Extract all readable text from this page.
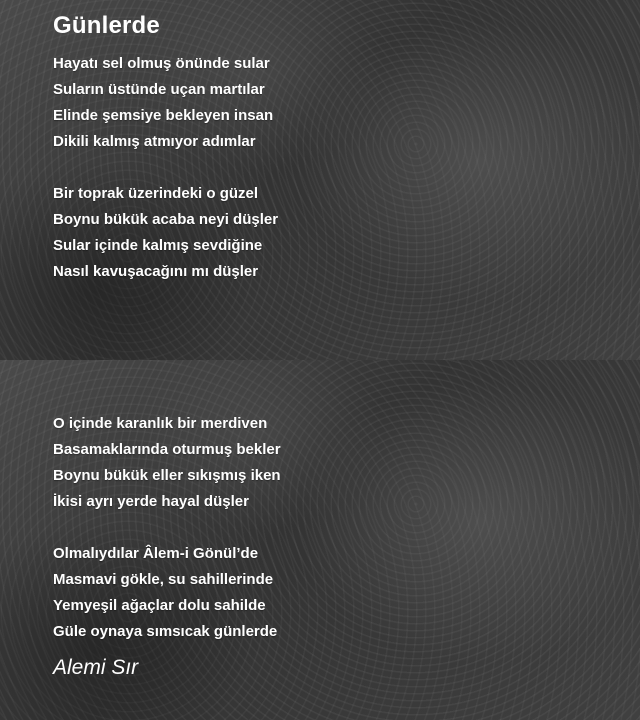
Günlerde
Hayatı sel olmuş önünde sular
Suların üstünde uçan martılar
Elinde şemsiye bekleyen insan
Dikili kalmış atmıyor adımlar
Bir toprak üzerindeki o güzel
Boynu bükük acaba neyi düşler
Sular içinde kalmış sevdiğine
Nasıl kavuşacağını mı düşler
O içinde karanlık bir merdiven
Basamaklarında oturmuş bekler
Boynu bükük eller sıkışmış iken
İkisi ayrı yerde hayal düşler
Olmalıydılar Âlem-i Gönül’de
Masmavi gökle, su sahillerinde
Yemyeşil ağaçlar dolu sahilde
Güle oynaya sımsıcak günlerde
Alemi Sır
